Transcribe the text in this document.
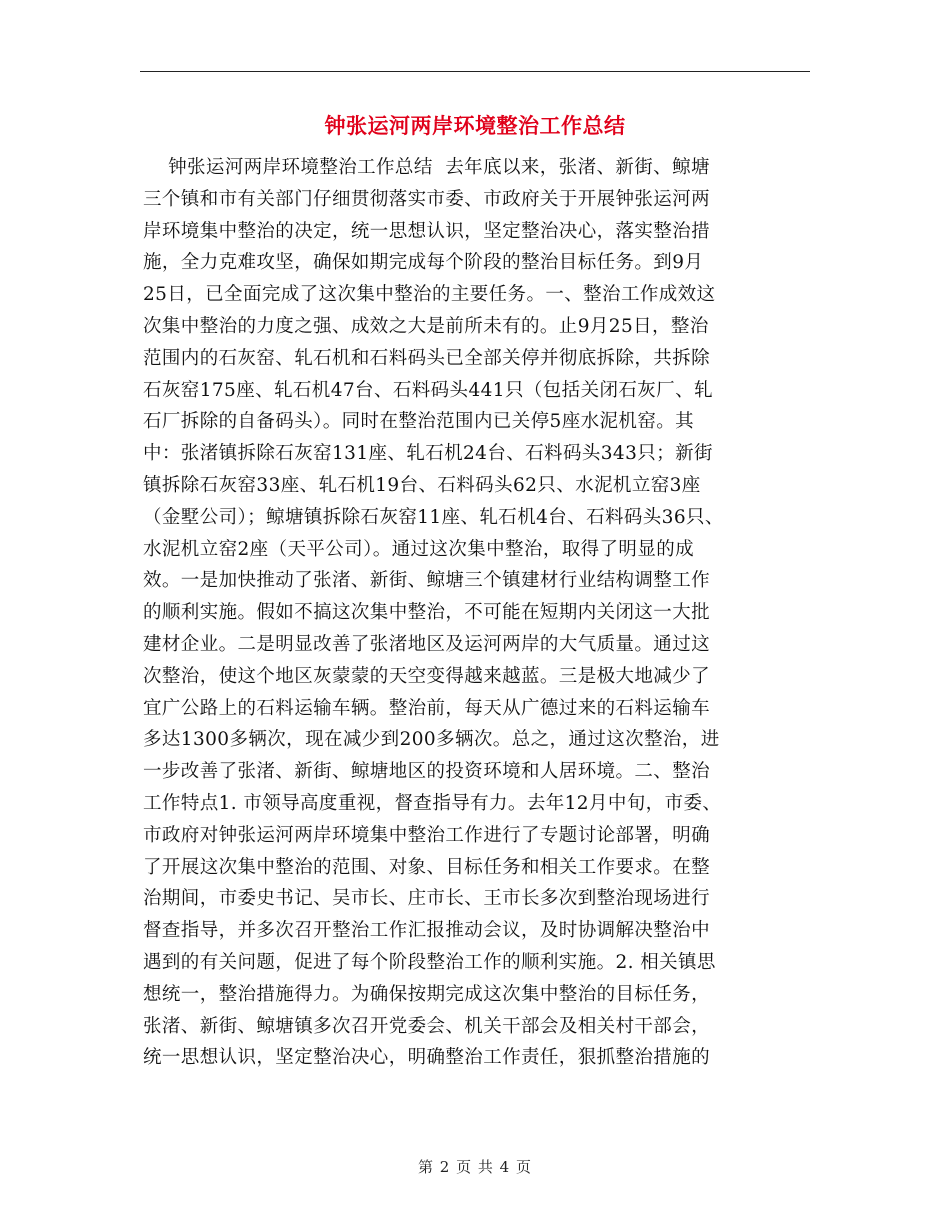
钟张运河两岸环境整治工作总结
钟张运河两岸环境整治工作总结  去年底以来，张渚、新街、鲸塘
三个镇和市有关部门仔细贯彻落实市委、市政府关于开展钟张运河两
岸环境集中整治的决定，统一思想认识，坚定整治决心，落实整治措
施，全力克难攻坚，确保如期完成每个阶段的整治目标任务。到9月
25日，已全面完成了这次集中整治的主要任务。一、整治工作成效这
次集中整治的力度之强、成效之大是前所未有的。止9月25日，整治
范围内的石灰窑、轧石机和石料码头已全部关停并彻底拆除，共拆除
石灰窑175座、轧石机47台、石料码头441只（包括关闭石灰厂、轧
石厂拆除的自备码头）。同时在整治范围内已关停5座水泥机窑。其
中：张渚镇拆除石灰窑131座、轧石机24台、石料码头343只；新街
镇拆除石灰窑33座、轧石机19台、石料码头62只、水泥机立窑3座
（金墅公司）；鲸塘镇拆除石灰窑11座、轧石机4台、石料码头36只、
水泥机立窑2座（天平公司）。通过这次集中整治，取得了明显的成
效。一是加快推动了张渚、新街、鲸塘三个镇建材行业结构调整工作
的顺利实施。假如不搞这次集中整治，不可能在短期内关闭这一大批
建材企业。二是明显改善了张渚地区及运河两岸的大气质量。通过这
次整治，使这个地区灰蒙蒙的天空变得越来越蓝。三是极大地减少了
宜广公路上的石料运输车辆。整治前，每天从广德过来的石料运输车
多达1300多辆次，现在减少到200多辆次。总之，通过这次整治，进
一步改善了张渚、新街、鲸塘地区的投资环境和人居环境。二、整治
工作特点1. 市领导高度重视，督查指导有力。去年12月中旬，市委、
市政府对钟张运河两岸环境集中整治工作进行了专题讨论部署，明确
了开展这次集中整治的范围、对象、目标任务和相关工作要求。在整
治期间，市委史书记、吴市长、庄市长、王市长多次到整治现场进行
督查指导，并多次召开整治工作汇报推动会议，及时协调解决整治中
遇到的有关问题，促进了每个阶段整治工作的顺利实施。2. 相关镇思
想统一，整治措施得力。为确保按期完成这次集中整治的目标任务，
张渚、新街、鲸塘镇多次召开党委会、机关干部会及相关村干部会，
统一思想认识，坚定整治决心，明确整治工作责任，狠抓整治措施的
第 2 页 共 4 页
